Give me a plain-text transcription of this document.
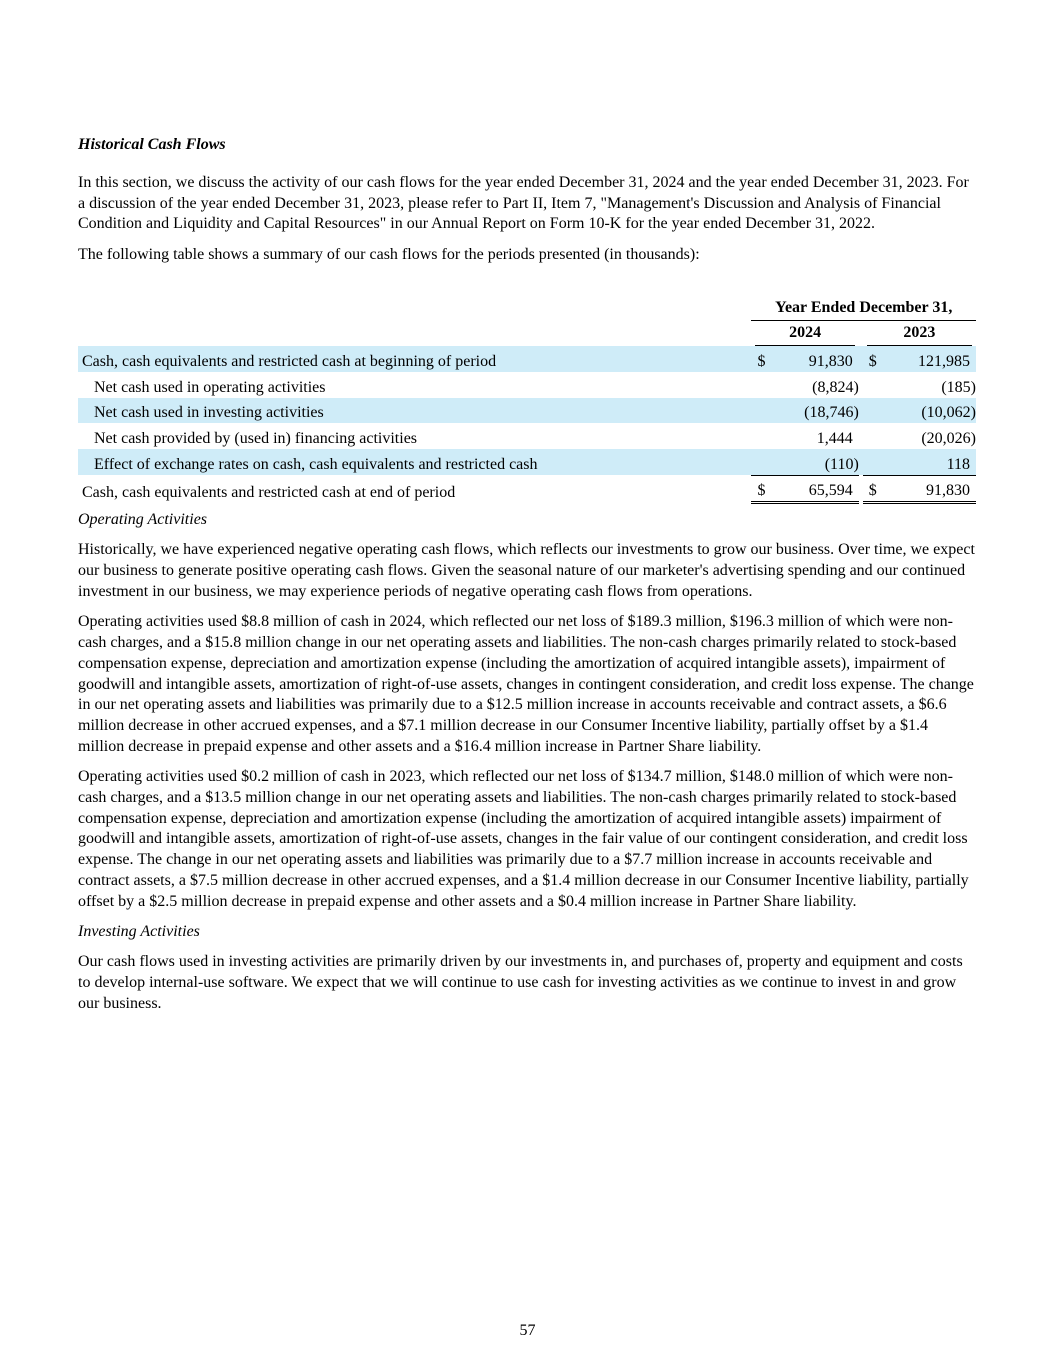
Historical Cash Flows

In this section, we discuss the activity of our cash flows for the year ended December 31, 2024 and the year ended December 31, 2023. For a discussion of the year ended December 31, 2023, please refer to Part II, Item 7, "Management's Discussion and Analysis of Financial Condition and Liquidity and Capital Resources" in our Annual Report on Form 10-K for the year ended December 31, 2022.

The following table shows a summary of our cash flows for the periods presented (in thousands):

		Year Ended December 31,				

		2024			2023	

Cash, cash equivalents and restricted cash at beginning of period		$	91,830		$	121,985
Net cash used in operating activities			(8,824)			(185)
Net cash used in investing activities			(18,746)			(10,062)
Net cash provided by (used in) financing activities			1,444			(20,026)
Effect of exchange rates on cash, cash equivalents and restricted cash			(110)			118
Cash, cash equivalents and restricted cash at end of period		$	65,594		$	91,830
Operating Activities

Historically, we have experienced negative operating cash flows, which reflects our investments to grow our business. Over time, we expect our business to generate positive operating cash flows. Given the seasonal nature of our marketer's advertising spending and our continued investment in our business, we may experience periods of negative operating cash flows from operations.

Operating activities used $8.8 million of cash in 2024, which reflected our net loss of $189.3 million, $196.3 million of which were non-cash charges, and a $15.8 million change in our net operating assets and liabilities. The non-cash charges primarily related to stock-based compensation expense, depreciation and amortization expense (including the amortization of acquired intangible assets), impairment of goodwill and intangible assets, amortization of right-of-use assets, changes in contingent consideration, and credit loss expense. The change in our net operating assets and liabilities was primarily due to a $12.5 million increase in accounts receivable and contract assets, a $6.6 million decrease in other accrued expenses, and a $7.1 million decrease in our Consumer Incentive liability, partially offset by a $1.4 million decrease in prepaid expense and other assets and a $16.4 million increase in Partner Share liability.

Operating activities used $0.2 million of cash in 2023, which reflected our net loss of $134.7 million, $148.0 million of which were non-cash charges, and a $13.5 million change in our net operating assets and liabilities. The non-cash charges primarily related to stock-based compensation expense, depreciation and amortization expense (including the amortization of acquired intangible assets) impairment of goodwill and intangible assets, amortization of right-of-use assets, changes in the fair value of our contingent consideration, and credit loss expense. The change in our net operating assets and liabilities was primarily due to a $7.7 million increase in accounts receivable and contract assets, a $7.5 million decrease in other accrued expenses, and a $1.4 million decrease in our Consumer Incentive liability, partially offset by a $2.5 million decrease in prepaid expense and other assets and a $0.4 million increase in Partner Share liability.

Investing Activities

Our cash flows used in investing activities are primarily driven by our investments in, and purchases of, property and equipment and costs to develop internal-use software. We expect that we will continue to use cash for investing activities as we continue to invest in and grow our business.

57
